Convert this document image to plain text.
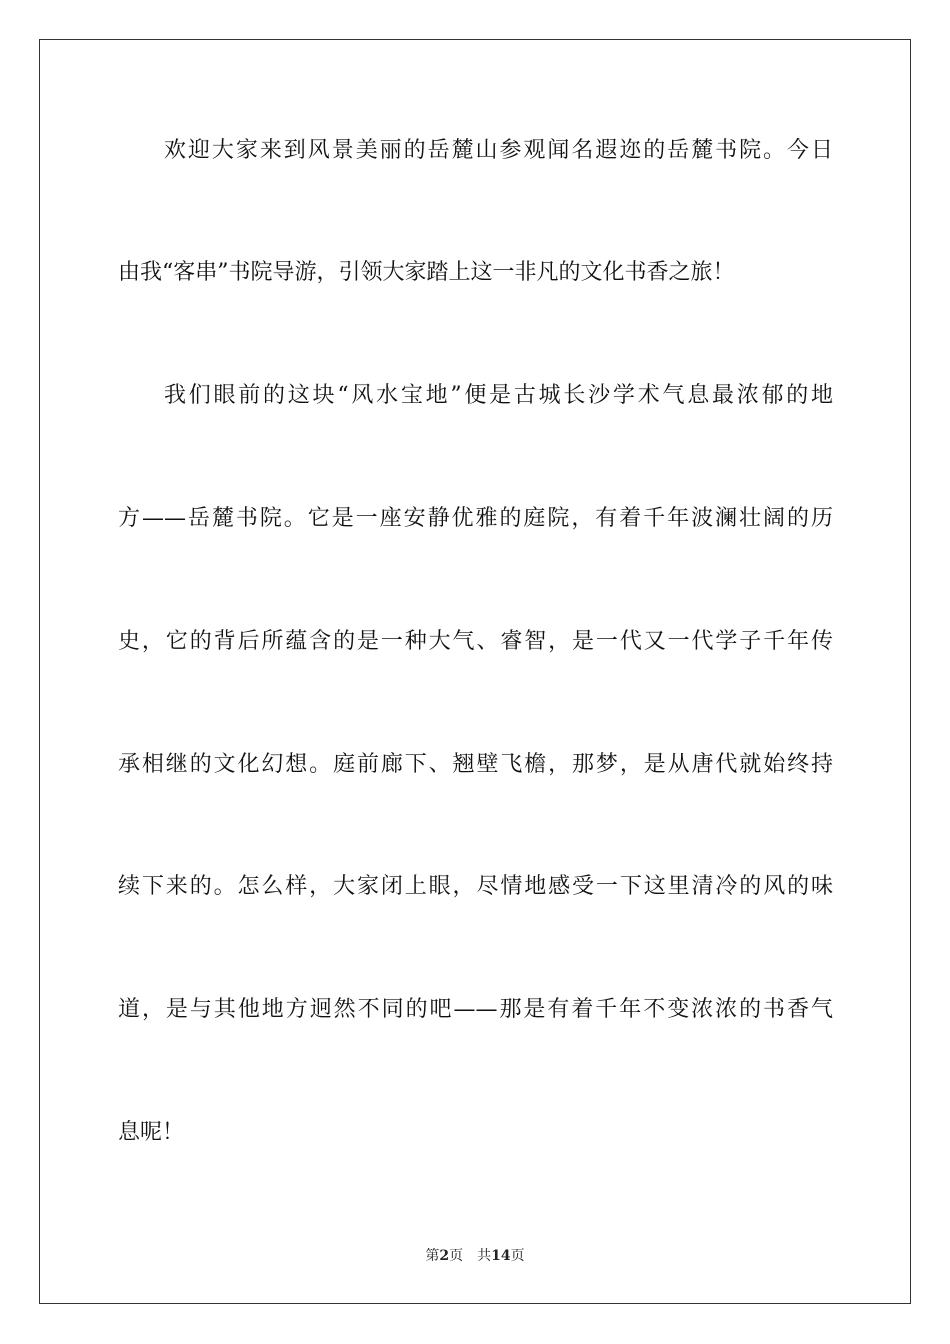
欢迎大家来到风景美丽的岳麓山参观闻名遐迩的岳麓书院。今日

由我“客串”书院导游，引领大家踏上这一非凡的文化书香之旅！

我们眼前的这块“风水宝地”便是古城长沙学术气息最浓郁的地

方——岳麓书院。它是一座安静优雅的庭院，有着千年波澜壮阔的历

史，它的背后所蕴含的是一种大气、睿智，是一代又一代学子千年传

承相继的文化幻想。庭前廊下、翘壁飞檐，那梦，是从唐代就始终持

续下来的。怎么样，大家闭上眼，尽情地感受一下这里清冷的风的味

道，是与其他地方迥然不同的吧——那是有着千年不变浓浓的书香气

息呢！

第2页 共14页
